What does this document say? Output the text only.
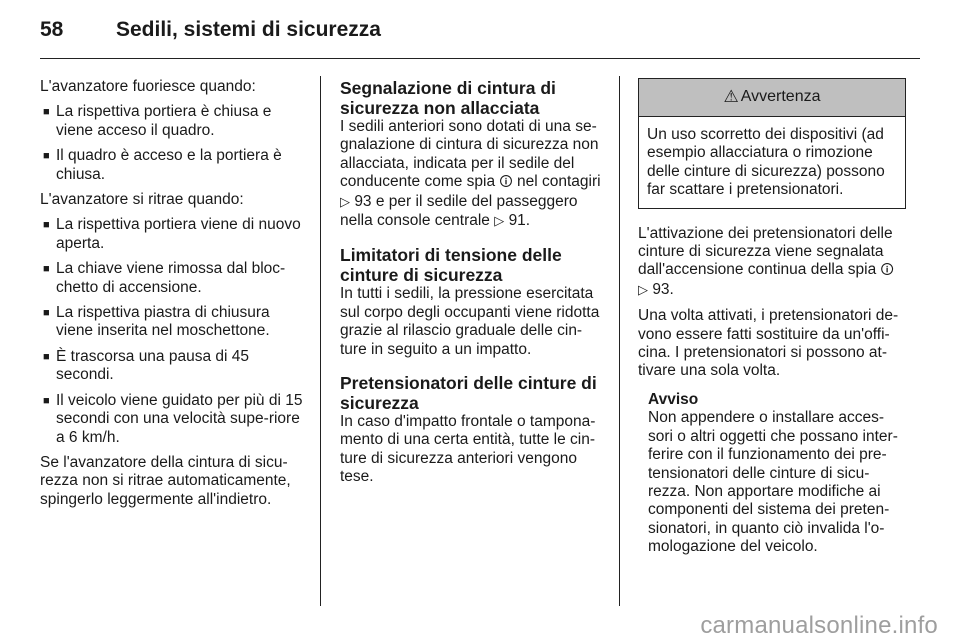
58	Sedili, sistemi di sicurezza

L'avanzatore fuoriesce quando:

■ La rispettiva portiera è chiusa e viene acceso il quadro.
■ Il quadro è acceso e la portiera è chiusa.

L'avanzatore si ritrae quando:

■ La rispettiva portiera viene di nuovo aperta.
■ La chiave viene rimossa dal bloc-chetto di accensione.
■ La rispettiva piastra di chiusura viene inserita nel moschettone.
■ È trascorsa una pausa di 45 secondi.
■ Il veicolo viene guidato per più di 15 secondi con una velocità supe-riore a 6 km/h.

Se l'avanzatore della cintura di sicu-rezza non si ritrae automaticamente, spingerlo leggermente all'indietro.

Segnalazione di cintura di sicurezza non allacciata

I sedili anteriori sono dotati di una se-gnalazione di cintura di sicurezza non allacciata, indicata per il sedile del conducente come spia 🛈 nel contagiri ▷ 93 e per il sedile del passeggero nella console centrale ▷ 91.

Limitatori di tensione delle cinture di sicurezza

In tutti i sedili, la pressione esercitata sul corpo degli occupanti viene ridotta grazie al rilascio graduale delle cin-ture in seguito a un impatto.

Pretensionatori delle cinture di sicurezza

In caso d'impatto frontale o tampona-mento di una certa entità, tutte le cin-ture di sicurezza anteriori vengono tese.

⚠ Avvertenza
Un uso scorretto dei dispositivi (ad esempio allacciatura o rimozione delle cinture di sicurezza) possono far scattare i pretensionatori.

L'attivazione dei pretensionatori delle cinture di sicurezza viene segnalata dall'accensione continua della spia 🛈
▷ 93.

Una volta attivati, i pretensionatori de-vono essere fatti sostituire da un'offi-cina. I pretensionatori si possono at-tivare una sola volta.

Avviso
Non appendere o installare acces-sori o altri oggetti che possano inter-ferire con il funzionamento dei pre-tensionatori delle cinture di sicu-rezza. Non apportare modifiche ai componenti del sistema dei preten-sionatori, in quanto ciò invalida l'o-mologazione del veicolo.
carmanualsonline.info
